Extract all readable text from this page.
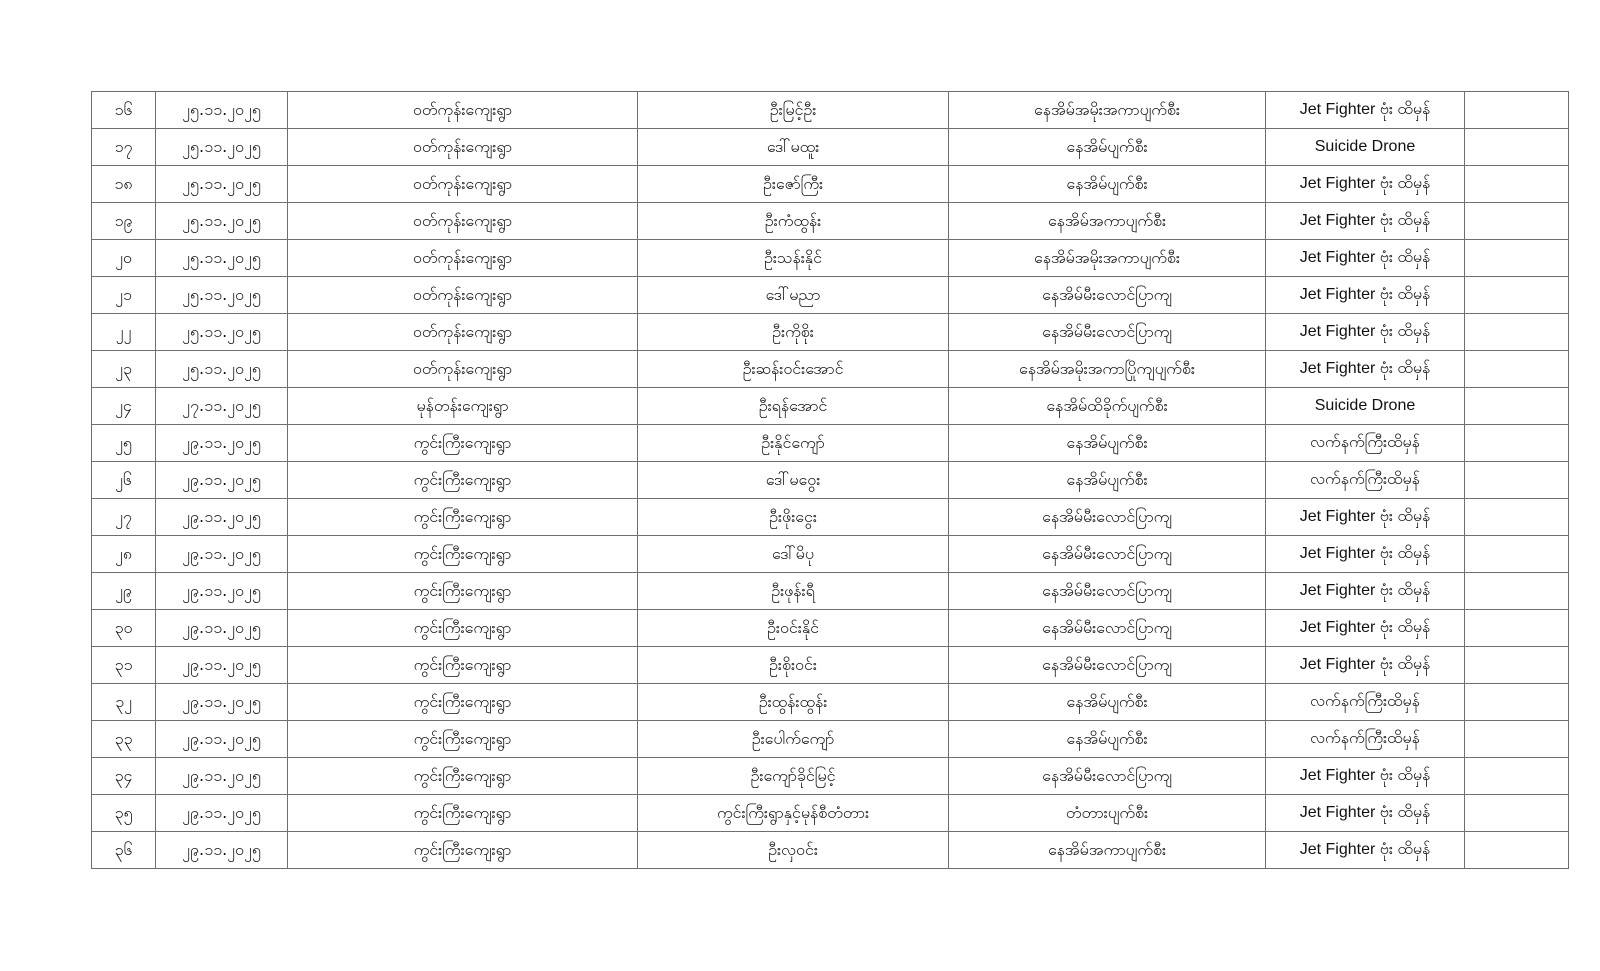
၁၆	၂၅.၁၁.၂၀၂၅	ဝတ်ကုန်းကျေးရွာ	ဦးမြင့်ဦး	နေအိမ်အမိုးအကာပျက်စီး	Jet Fighter ဗုံး ထိမှန်	
၁၇	၂၅.၁၁.၂၀၂၅	ဝတ်ကုန်းကျေးရွာ	ဒေါ်မထူး	နေအိမ်ပျက်စီး	Suicide Drone	
၁၈	၂၅.၁၁.၂၀၂၅	ဝတ်ကုန်းကျေးရွာ	ဦးဇော်ကြီး	နေအိမ်ပျက်စီး	Jet Fighter ဗုံး ထိမှန်	
၁၉	၂၅.၁၁.၂၀၂၅	ဝတ်ကုန်းကျေးရွာ	ဦးကံထွန်း	နေအိမ်အကာပျက်စီး	Jet Fighter ဗုံး ထိမှန်	
၂၀	၂၅.၁၁.၂၀၂၅	ဝတ်ကုန်းကျေးရွာ	ဦးသန်းနိုင်	နေအိမ်အမိုးအကာပျက်စီး	Jet Fighter ဗုံး ထိမှန်	
၂၁	၂၅.၁၁.၂၀၂၅	ဝတ်ကုန်းကျေးရွာ	ဒေါ်မညာ	နေအိမ်မီးလောင်ပြာကျ	Jet Fighter ဗုံး ထိမှန်	
၂၂	၂၅.၁၁.၂၀၂၅	ဝတ်ကုန်းကျေးရွာ	ဦးကိုစိုး	နေအိမ်မီးလောင်ပြာကျ	Jet Fighter ဗုံး ထိမှန်	
၂၃	၂၅.၁၁.၂၀၂၅	ဝတ်ကုန်းကျေးရွာ	ဦးဆန်းဝင်းအောင်	နေအိမ်အမိုးအကာပြိုကျပျက်စီး	Jet Fighter ဗုံး ထိမှန်	
၂၄	၂၇.၁၁.၂၀၂၅	မုန်တန်းကျေးရွာ	ဦးရန်အောင်	နေအိမ်ထိခိုက်ပျက်စီး	Suicide Drone	
၂၅	၂၉.၁၁.၂၀၂၅	ကွင်းကြီးကျေးရွာ	ဦးနိုင်ကျော်	နေအိမ်ပျက်စီး	လက်နက်ကြီးထိမှန်	
၂၆	၂၉.၁၁.၂၀၂၅	ကွင်းကြီးကျေးရွာ	ဒေါ်မဝွေး	နေအိမ်ပျက်စီး	လက်နက်ကြီးထိမှန်	
၂၇	၂၉.၁၁.၂၀၂၅	ကွင်းကြီးကျေးရွာ	ဦးဖိုးငွေး	နေအိမ်မီးလောင်ပြာကျ	Jet Fighter ဗုံး ထိမှန်	
၂၈	၂၉.၁၁.၂၀၂၅	ကွင်းကြီးကျေးရွာ	ဒေါ်မိပု	နေအိမ်မီးလောင်ပြာကျ	Jet Fighter ဗုံး ထိမှန်	
၂၉	၂၉.၁၁.၂၀၂၅	ကွင်းကြီးကျေးရွာ	ဦးဖုန်းရီ	နေအိမ်မီးလောင်ပြာကျ	Jet Fighter ဗုံး ထိမှန်	
၃၀	၂၉.၁၁.၂၀၂၅	ကွင်းကြီးကျေးရွာ	ဦးဝင်းနိုင်	နေအိမ်မီးလောင်ပြာကျ	Jet Fighter ဗုံး ထိမှန်	
၃၁	၂၉.၁၁.၂၀၂၅	ကွင်းကြီးကျေးရွာ	ဦးစိုးဝင်း	နေအိမ်မီးလောင်ပြာကျ	Jet Fighter ဗုံး ထိမှန်	
၃၂	၂၉.၁၁.၂၀၂၅	ကွင်းကြီးကျေးရွာ	ဦးထွန်းထွန်း	နေအိမ်ပျက်စီး	လက်နက်ကြီးထိမှန်	
၃၃	၂၉.၁၁.၂၀၂၅	ကွင်းကြီးကျေးရွာ	ဦးပေါက်ကျော်	နေအိမ်ပျက်စီး	လက်နက်ကြီးထိမှန်	
၃၄	၂၉.၁၁.၂၀၂၅	ကွင်းကြီးကျေးရွာ	ဦးကျော်ခိုင်မြင့်	နေအိမ်မီးလောင်ပြာကျ	Jet Fighter ဗုံး ထိမှန်	
၃၅	၂၉.၁၁.၂၀၂၅	ကွင်းကြီးကျေးရွာ	ကွင်းကြီးရွာနှင့်မုန်စီတံတား	တံတားပျက်စီး	Jet Fighter ဗုံး ထိမှန်	
၃၆	၂၉.၁၁.၂၀၂၅	ကွင်းကြီးကျေးရွာ	ဦးလှဝင်း	နေအိမ်အကာပျက်စီး	Jet Fighter ဗုံး ထိမှန်	
